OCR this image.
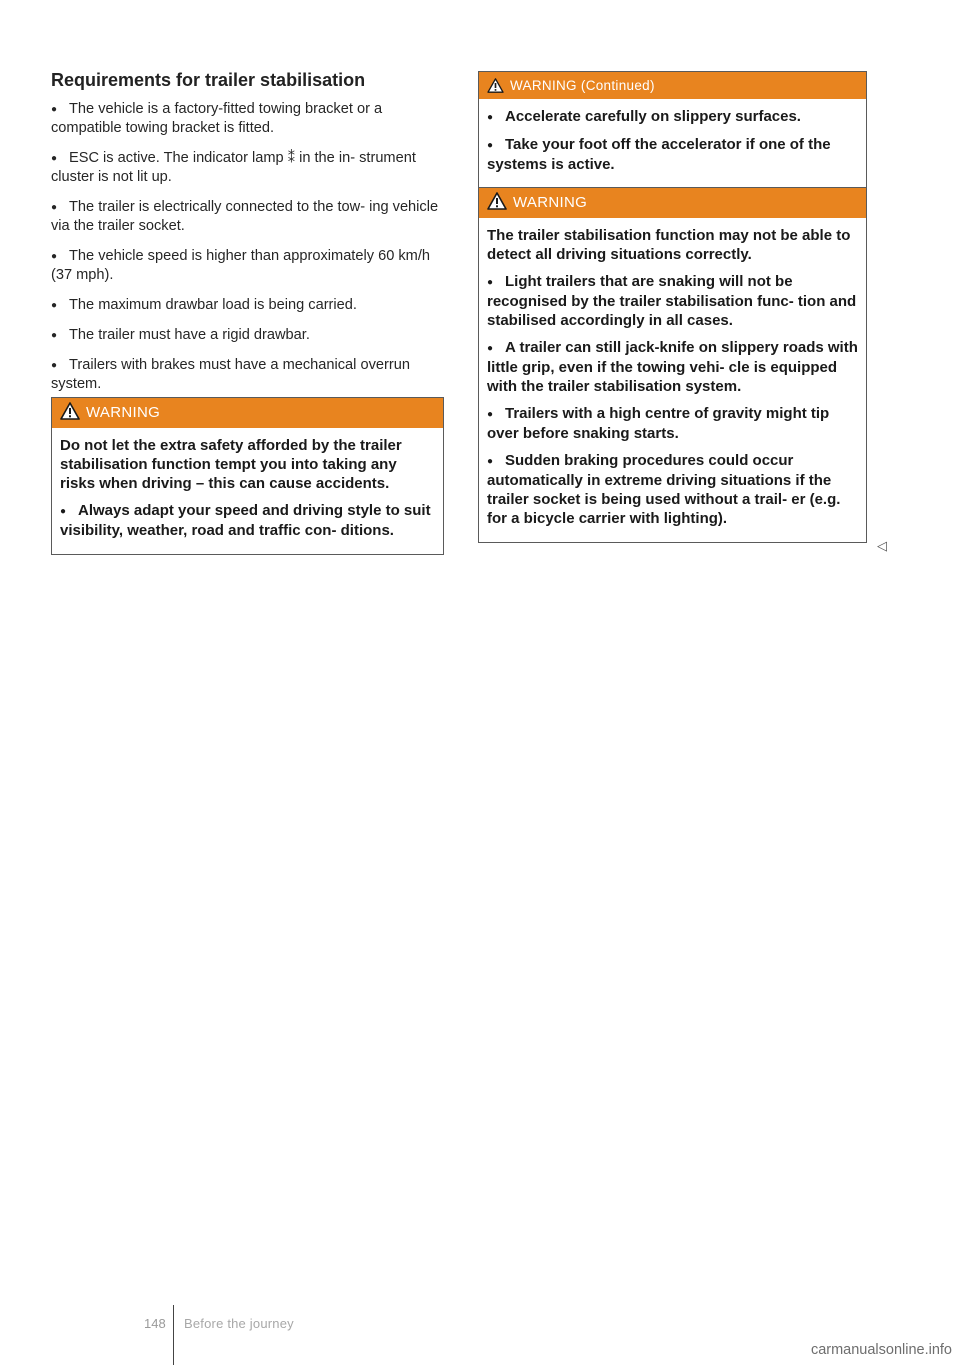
Requirements for trailer stabilisation
● The vehicle is a factory-fitted towing bracket or a compatible towing bracket is fitted.
● ESC is active. The indicator lamp ⁑ in the in- strument cluster is not lit up.
● The trailer is electrically connected to the tow- ing vehicle via the trailer socket.
● The vehicle speed is higher than approximately 60 km/h (37 mph).
● The maximum drawbar load is being carried.
● The trailer must have a rigid drawbar.
● Trailers with brakes must have a mechanical overrun system.
WARNING

Do not let the extra safety afforded by the trailer stabilisation function tempt you into taking any risks when driving – this can cause accidents.

● Always adapt your speed and driving style to suit visibility, weather, road and traffic con- ditions.

WARNING (Continued)

● Accelerate carefully on slippery surfaces.

● Take your foot off the accelerator if one of the systems is active.

WARNING

The trailer stabilisation function may not be able to detect all driving situations correctly.

● Light trailers that are snaking will not be recognised by the trailer stabilisation func- tion and stabilised accordingly in all cases.

● A trailer can still jack-knife on slippery roads with little grip, even if the towing vehi- cle is equipped with the trailer stabilisation system.

● Trailers with a high centre of gravity might tip over before snaking starts.

● Sudden braking procedures could occur automatically in extreme driving situations if the trailer socket is being used without a trail- er (e.g. for a bicycle carrier with lighting).

◁
148 Before the journey
carmanualsonline.info
